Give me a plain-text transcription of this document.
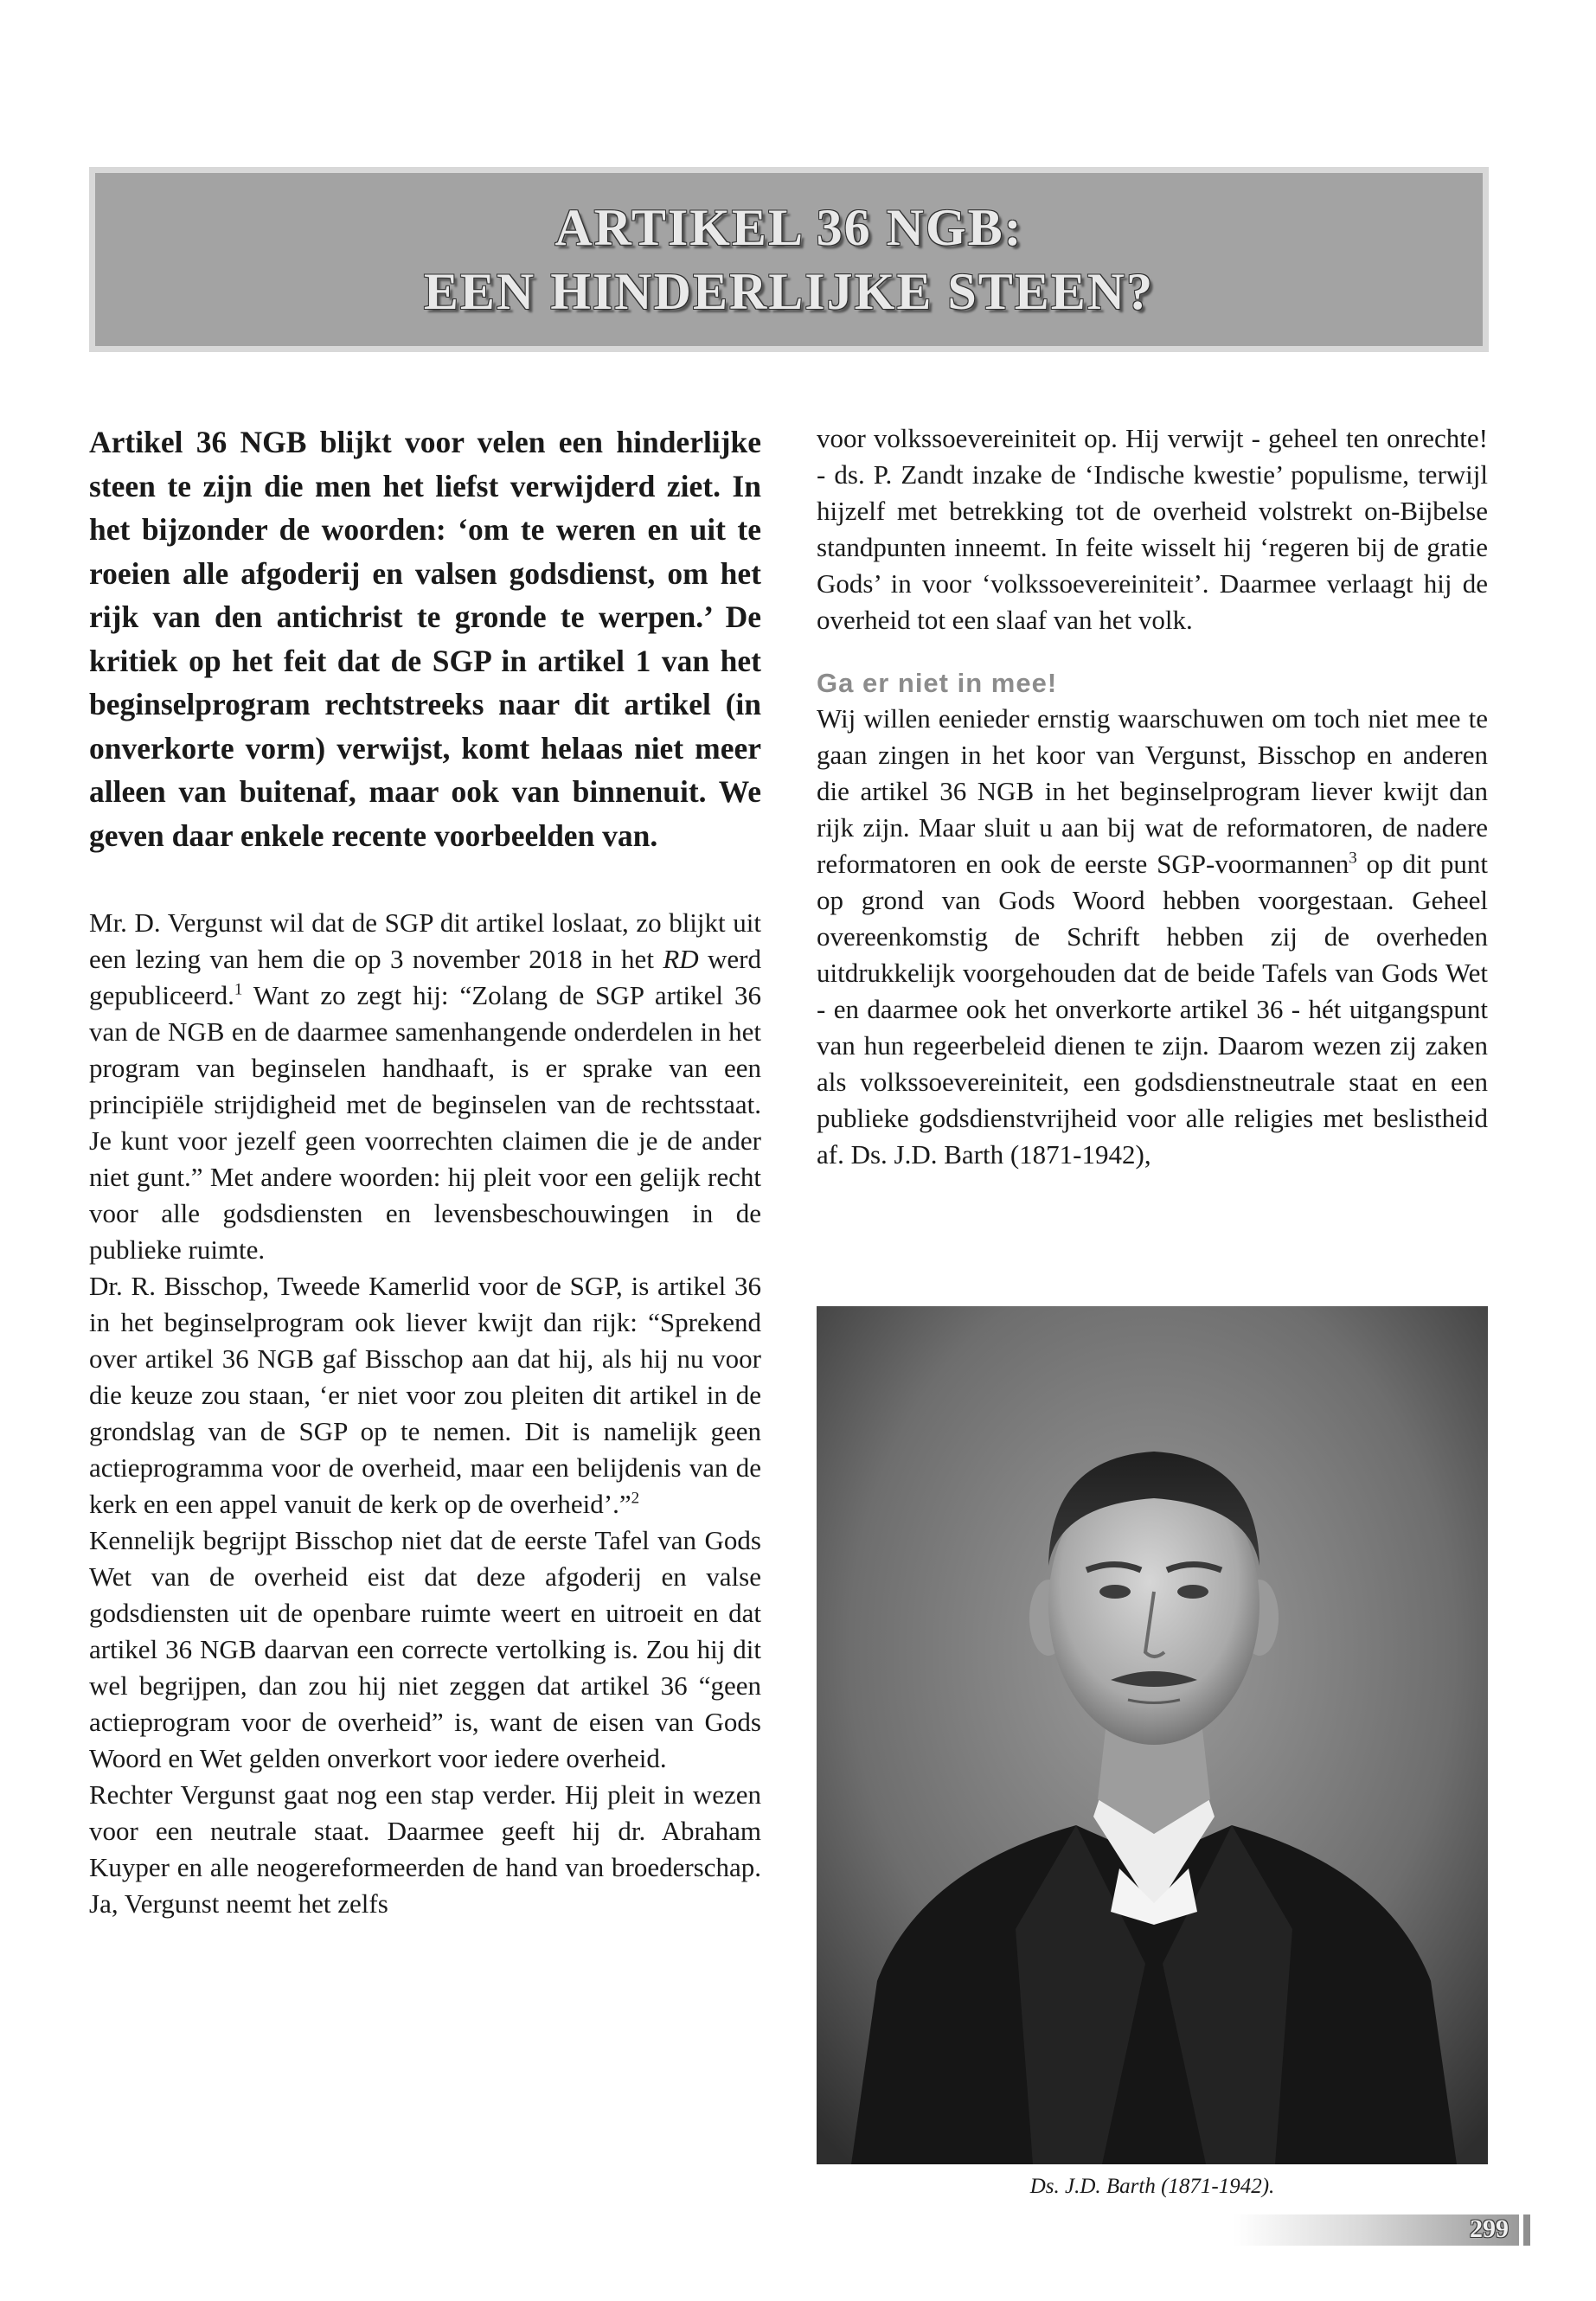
ARTIKEL 36 NGB:
EEN HINDERLIJKE STEEN?

Artikel 36 NGB blijkt voor velen een hinderlijke steen te zijn die men het liefst verwijderd ziet. In het bijzonder de woorden: ‘om te weren en uit te roeien alle afgoderij en valsen godsdienst, om het rijk van den antichrist te gronde te werpen.’ De kritiek op het feit dat de SGP in artikel 1 van het beginselprogram rechtstreeks naar dit artikel (in onverkorte vorm) verwijst, komt helaas niet meer alleen van buitenaf, maar ook van binnenuit. We geven daar enkele recente voorbeelden van.

Mr. D. Vergunst wil dat de SGP dit artikel loslaat, zo blijkt uit een lezing van hem die op 3 november 2018 in het RD werd gepubliceerd.$^1$ Want zo zegt hij: “Zolang de SGP artikel 36 van de NGB en de daarmee samenhangende onderdelen in het program van beginselen handhaaft, is er sprake van een principiële strijdigheid met de beginselen van de rechtsstaat. Je kunt voor jezelf geen voorrechten claimen die je de ander niet gunt.” Met andere woorden: hij pleit voor een gelijk recht voor alle godsdiensten en levensbeschouwingen in de publieke ruimte.

Dr. R. Bisschop, Tweede Kamerlid voor de SGP, is artikel 36 in het beginselprogram ook liever kwijt dan rijk: “Sprekend over artikel 36 NGB gaf Bisschop aan dat hij, als hij nu voor die keuze zou staan, ‘er niet voor zou pleiten dit artikel in de grondslag van de SGP op te nemen. Dit is namelijk geen actieprogramma voor de overheid, maar een belijdenis van de kerk en een appel vanuit de kerk op de overheid’.”$^2$

Kennelijk begrijpt Bisschop niet dat de eerste Tafel van Gods Wet van de overheid eist dat deze afgoderij en valse godsdiensten uit de openbare ruimte weert en uitroeit en dat artikel 36 NGB daarvan een correcte vertolking is. Zou hij dit wel begrijpen, dan zou hij niet zeggen dat artikel 36 “geen actieprogram voor de overheid” is, want de eisen van Gods Woord en Wet gelden onverkort voor iedere overheid.

Rechter Vergunst gaat nog een stap verder. Hij pleit in wezen voor een neutrale staat. Daarmee geeft hij dr. Abraham Kuyper en alle neogereformeerden de hand van broederschap. Ja, Vergunst neemt het zelfs

voor volkssoevereiniteit op. Hij verwijt - geheel ten onrechte! - ds. P. Zandt inzake de ‘Indische kwestie’ populisme, terwijl hijzelf met betrekking tot de overheid volstrekt on-Bijbelse standpunten inneemt. In feite wisselt hij ‘regeren bij de gratie Gods’ in voor ‘volkssoevereiniteit’. Daarmee verlaagt hij de overheid tot een slaaf van het volk.

Ga er niet in mee!

Wij willen eenieder ernstig waarschuwen om toch niet mee te gaan zingen in het koor van Vergunst, Bisschop en anderen die artikel 36 NGB in het beginselprogram liever kwijt dan rijk zijn. Maar sluit u aan bij wat de reformatoren, de nadere reformatoren en ook de eerste SGP-voormannen$^3$ op dit punt op grond van Gods Woord hebben voorgestaan. Geheel overeenkomstig de Schrift hebben zij de overheden uitdrukkelijk voorgehouden dat de beide Tafels van Gods Wet - en daarmee ook het onverkorte artikel 36 - hét uitgangspunt van hun regeerbeleid dienen te zijn. Daarom wezen zij zaken als volkssoevereiniteit, een godsdienstneutrale staat en een publieke godsdienstvrijheid voor alle religies met beslistheid af. Ds. J.D. Barth (1871-1942),

Ds. J.D. Barth (1871-1942).
299
